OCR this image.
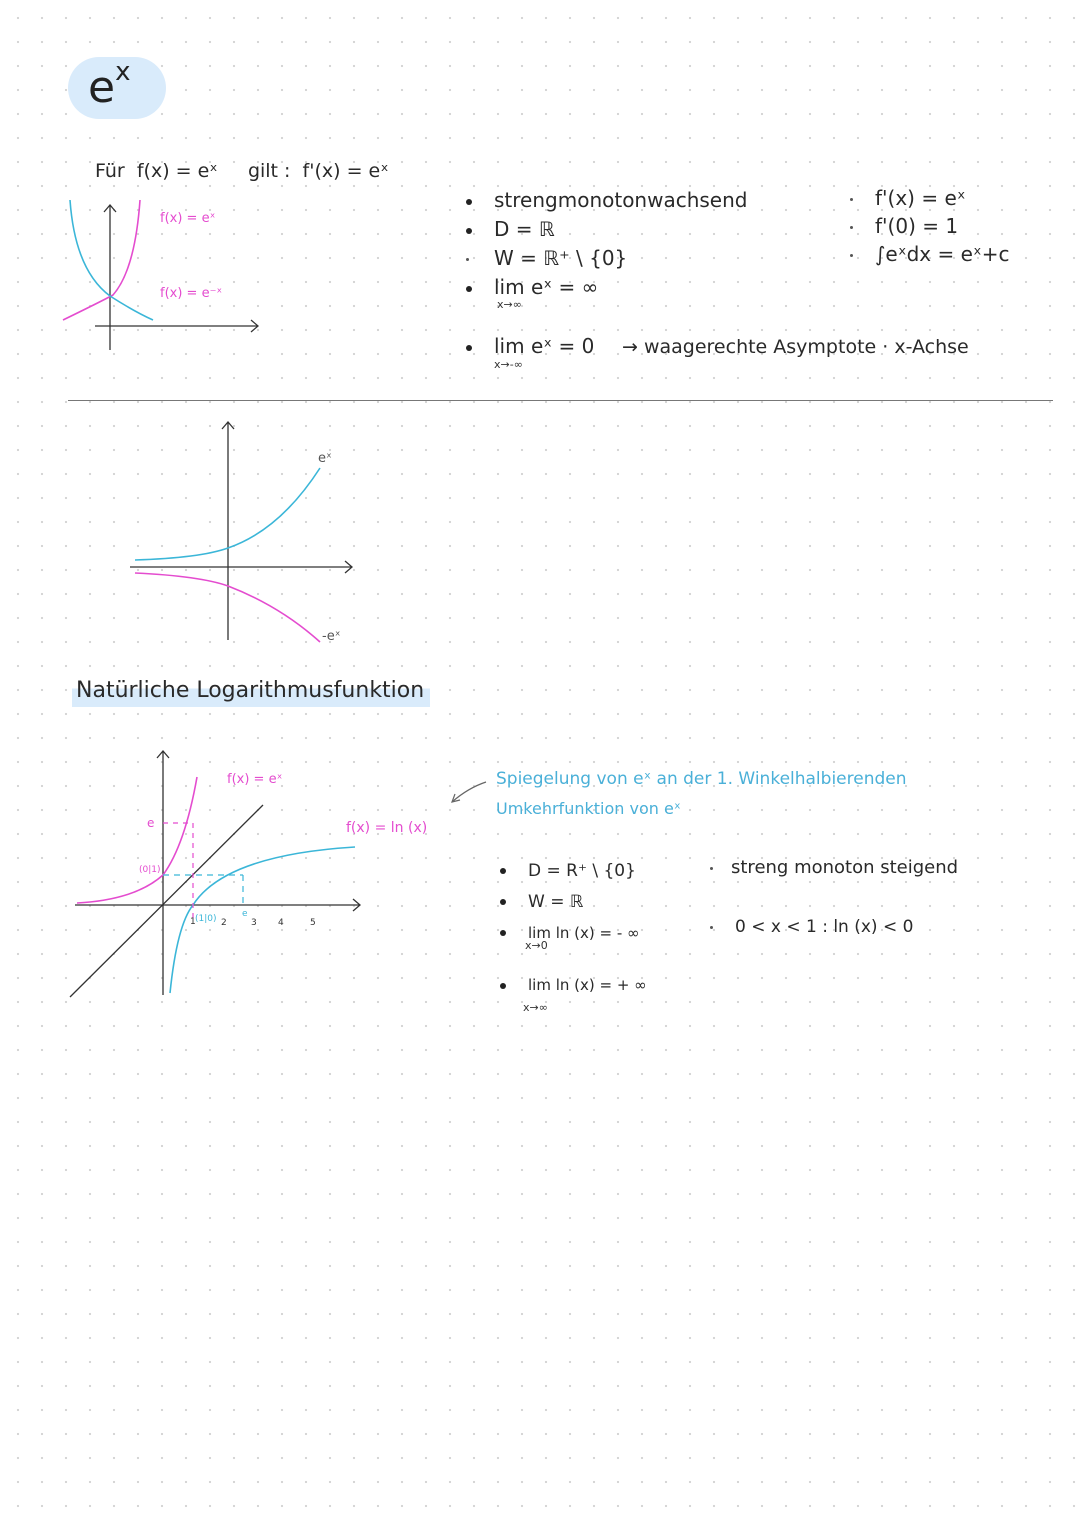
$e^x$
Für f(x) = eˣ gilt : f'(x) = eˣ
f(x) = eˣ
f(x) = e⁻ˣ
strengmonotonwachsend
D = ℝ
W = ℝ⁺ \ {0}
lim eˣ = ∞
x→∞
lim eˣ = 0
x→-∞
→ waagerechte Asymptote · x-Achse
f'(x) = eˣ
f'(0) = 1
∫eˣdx = eˣ+c
eˣ
-eˣ
Natürliche Logarithmusfunktion
e
(0|1)
(1|0)
1	2
e
3 4	5
f(x) = eˣ
f(x) = ln (x)
Spiegelung von eˣ an der 1. Winkelhalbierenden
Umkehrfunktion von eˣ
D = R⁺ \ {0}
W = ℝ
lim ln (x) = - ∞
x→0
lim ln (x) = + ∞
x→∞
streng monoton steigend
0 < x < 1 : ln (x) < 0
